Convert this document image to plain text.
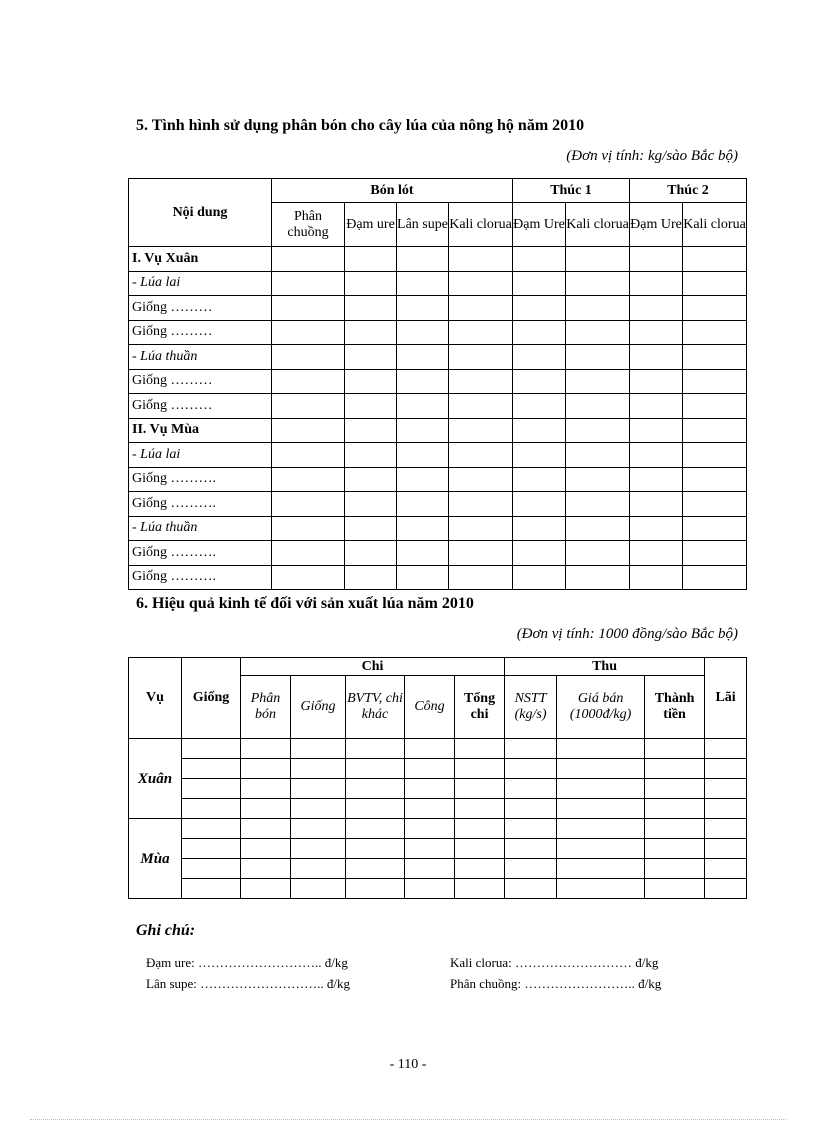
5. Tình hình sử dụng phân bón cho cây lúa của nông hộ năm 2010
(Đơn vị tính: kg/sào Bắc bộ)
Nội dung	Bón lót				Thúc 1		Thúc 2	
	Phân chuồng	Đạm ure	Lân supe	Kali clorua	Đạm Ure	Kali clorua	Đạm Ure	Kali clorua
I. Vụ Xuân								
- Lúa lai								
Giống ………								
Giống ………								
- Lúa thuần								
Giống ………								
Giống ………								
II. Vụ Mùa								
- Lúa lai								
Giống ……….								
Giống ……….								
- Lúa thuần								
Giống ……….								
Giống ……….								
6. Hiệu quả kinh tế đối với sản xuất lúa năm 2010
(Đơn vị tính: 1000 đồng/sào Bắc bộ)
Vụ	Giống	Chi					Thu			Lãi
		Phân bón	Giống	BVTV, chi khác	Công	Tổng chi	NSTT (kg/s)	Giá bán (1000đ/kg)	Thành tiền	
Xuân										

Mùa										

Ghi chú:
Đạm ure: ……………………….. đ/kg
Lân supe: ……………………….. đ/kg
Kali clorua: ……………………… đ/kg
Phân chuồng: …………………….. đ/kg
- 110 -
